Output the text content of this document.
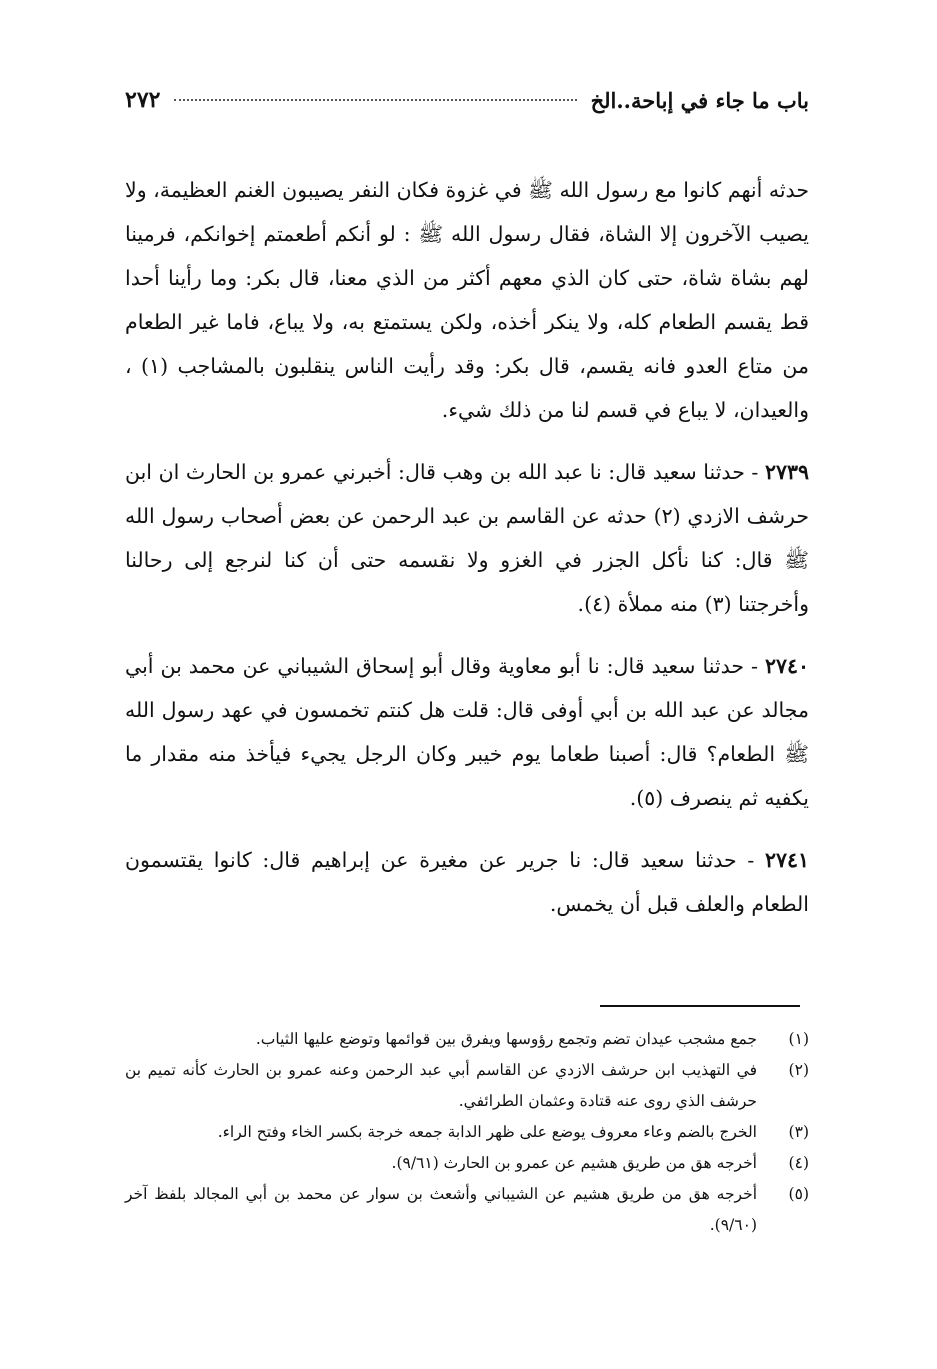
باب ما جاء في إباحة..الخ
٢٧٢

حدثه أنهم كانوا مع رسول الله ﷺ في غزوة فكان النفر يصيبون الغنم العظيمة، ولا يصيب الآخرون إلا الشاة، فقال رسول الله ﷺ : لو أنكم أطعمتم إخوانكم، فرمينا لهم بشاة شاة، حتى كان الذي معهم أكثر من الذي معنا، قال بكر: وما رأينا أحدا قط يقسم الطعام كله، ولا ينكر أخذه، ولكن يستمتع به، ولا يباع، فاما غير الطعام من متاع العدو فانه يقسم، قال بكر: وقد رأيت الناس ينقلبون بالمشاجب (١) ، والعيدان، لا يباع في قسم لنا من ذلك شيء.

٢٧٣٩ - حدثنا سعيد قال: نا عبد الله بن وهب قال: أخبرني عمرو بن الحارث ان ابن حرشف الازدي (٢) حدثه عن القاسم بن عبد الرحمن عن بعض أصحاب رسول الله ﷺ قال: كنا نأكل الجزر في الغزو ولا نقسمه حتى أن كنا لنرجع إلى رحالنا وأخرجتنا (٣) منه مملأة (٤).

٢٧٤٠ - حدثنا سعيد قال: نا أبو معاوية وقال أبو إسحاق الشيباني عن محمد بن أبي مجالد عن عبد الله بن أبي أوفى قال: قلت هل كنتم تخمسون في عهد رسول الله ﷺ الطعام؟ قال: أصبنا طعاما يوم خيبر وكان الرجل يجيء فيأخذ منه مقدار ما يكفيه ثم ينصرف (٥).

٢٧٤١ - حدثنا سعيد قال: نا جرير عن مغيرة عن إبراهيم قال: كانوا يقتسمون الطعام والعلف قبل أن يخمس.

(١)
جمع مشجب عيدان تضم وتجمع رؤوسها ويفرق بين قوائمها وتوضع عليها الثياب.
(٢)
في التهذيب ابن حرشف الازدي عن القاسم أبي عبد الرحمن وعنه عمرو بن الحارث كأنه تميم بن حرشف الذي روى عنه قتادة وعثمان الطرائفي.
(٣)
الخرج بالضم وعاء معروف يوضع على ظهر الدابة جمعه خرجة بكسر الخاء وفتح الراء.
(٤)
أخرجه هق من طريق هشيم عن عمرو بن الحارث (٩/٦١).
(٥)
أخرجه هق من طريق هشيم عن الشيباني وأشعث بن سوار عن محمد بن أبي المجالد بلفظ آخر (٩/٦٠).
